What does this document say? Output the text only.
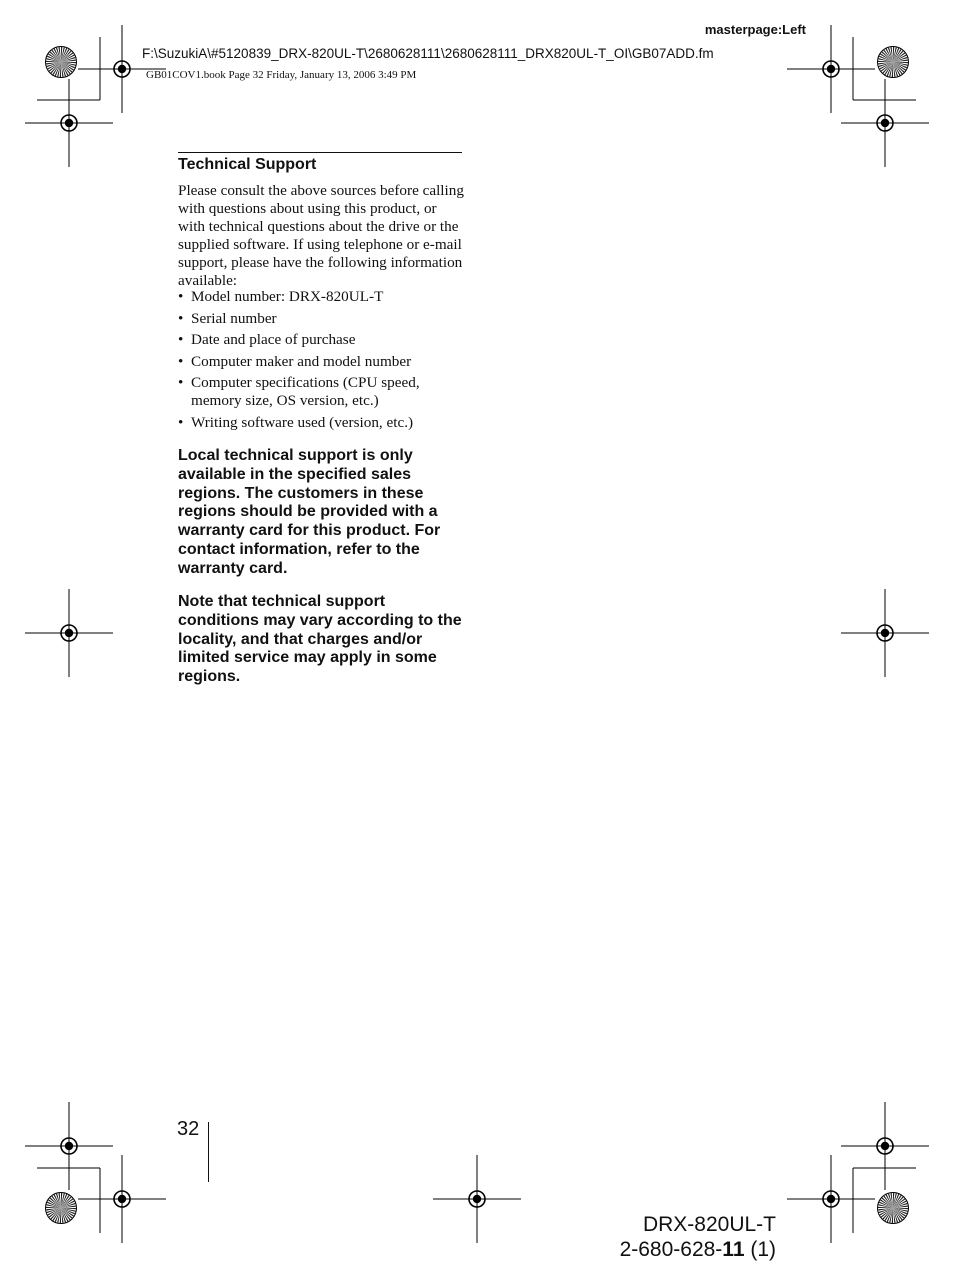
masterpage:Left
F:\SuzukiA\#5120839_DRX-820UL-T\2680628111\2680628111_DRX820UL-T_OI\GB07ADD.fm
GB01COV1.book Page 32 Friday, January 13, 2006 3:49 PM
Technical Support
Please consult the above sources before calling with questions about using this product, or with technical questions about the drive or the supplied software. If using telephone or e-mail support, please have the following information available:
• Model number: DRX-820UL-T
• Serial number
• Date and place of purchase
• Computer maker and model number
• Computer specifications (CPU speed, memory size, OS version, etc.)
• Writing software used (version, etc.)
Local technical support is only available in the specified sales regions. The customers in these regions should be provided with a warranty card for this product. For contact information, refer to the warranty card.
Note that technical support conditions may vary according to the locality, and that charges and/or limited service may apply in some regions.
32
DRX-820UL-T
2-680-628-11 (1)
